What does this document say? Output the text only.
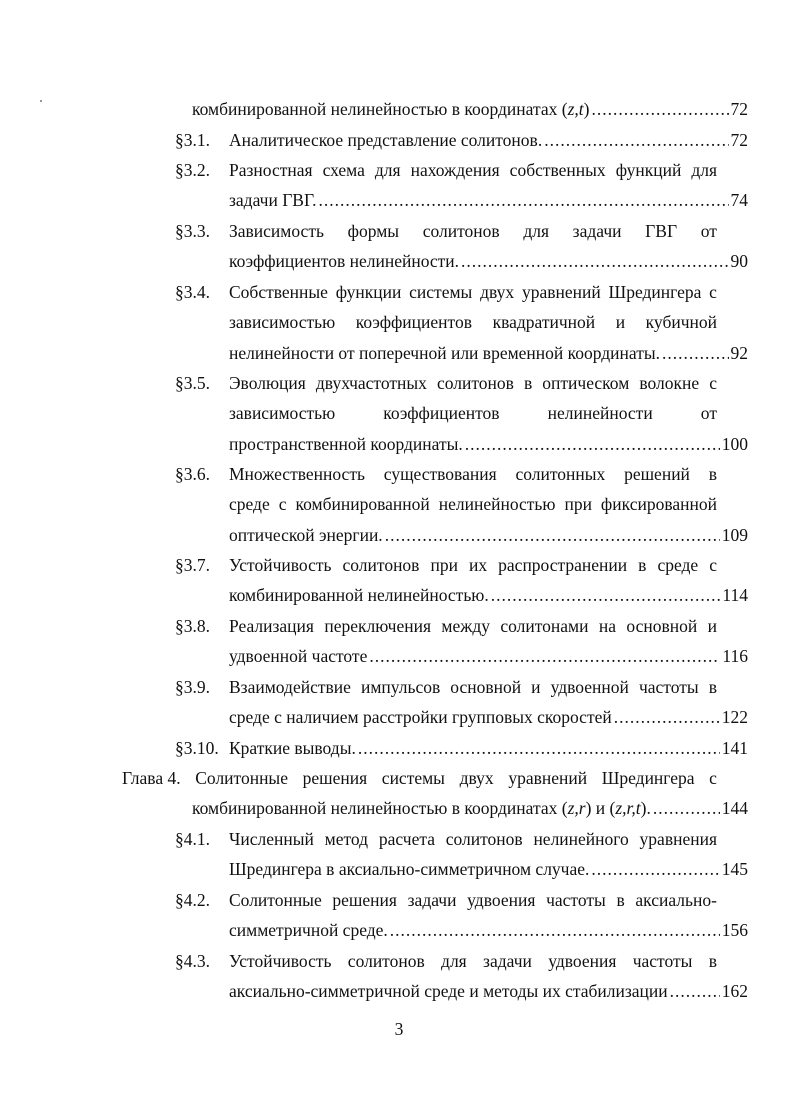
комбинированной нелинейностью в координатах (z,t) .....	72
§3.1. Аналитическое представление солитонов. .....	72
§3.2. Разностная схема для нахождения собственных функций для
задачи ГВГ. .....	74
§3.3. Зависимость формы солитонов для задачи ГВГ от
коэффициентов нелинейности. .....	90
§3.4. Собственные функции системы двух уравнений Шредингера с
зависимостью коэффициентов квадратичной и кубичной
нелинейности от поперечной или временной координаты. .....	92
§3.5. Эволюция двухчастотных солитонов в оптическом волокне с
зависимостью	коэффициентов	нелинейности	от
пространственной координаты. .....	100
§3.6. Множественность существования солитонных решений в
среде с комбинированной нелинейностью при фиксированной
оптической энергии. .....	109
§3.7. Устойчивость солитонов при их распространении в среде с
комбинированной нелинейностью. .....	114
§3.8. Реализация переключения между солитонами на основной и
удвоенной частоте .....	116
§3.9. Взаимодействие импульсов основной и удвоенной частоты в
среде с наличием расстройки групповых скоростей .....	122
§3.10. Краткие выводы. .....	141
Глава 4. Солитонные решения системы двух уравнений Шредингера с
комбинированной нелинейностью в координатах (z,r) и (z,r,t). .....	144
§4.1. Численный метод расчета солитонов нелинейного уравнения
Шредингера в аксиально-симметричном случае. .....	145
§4.2. Солитонные решения задачи удвоения частоты в аксиально-
симметричной среде. .....	156
§4.3. Устойчивость солитонов для задачи удвоения частоты в
аксиально-симметричной среде и методы их стабилизации .....	162
3
